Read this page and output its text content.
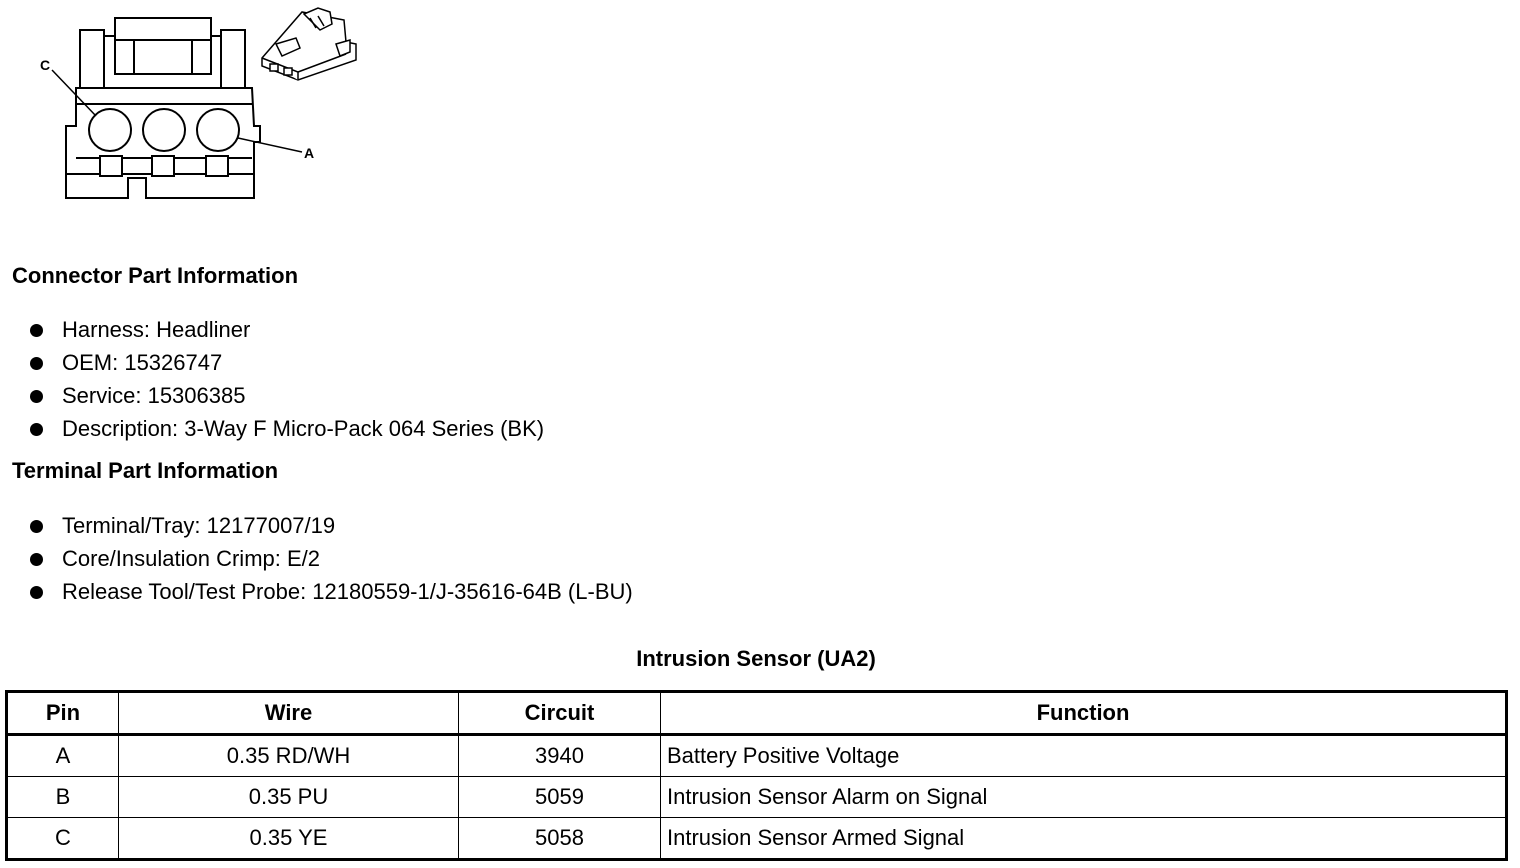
C
A
Connector Part Information
Harness: Headliner
OEM: 15326747
Service: 15306385
Description: 3-Way F Micro-Pack 064 Series (BK)
Terminal Part Information
Terminal/Tray: 12177007/19
Core/Insulation Crimp: E/2
Release Tool/Test Probe: 12180559-1/J-35616-64B (L-BU)
Intrusion Sensor (UA2)
Pin	Wire	Circuit	Function
A	0.35 RD/WH	3940	Battery Positive Voltage
B	0.35 PU	5059	Intrusion Sensor Alarm on Signal
C	0.35 YE	5058	Intrusion Sensor Armed Signal
